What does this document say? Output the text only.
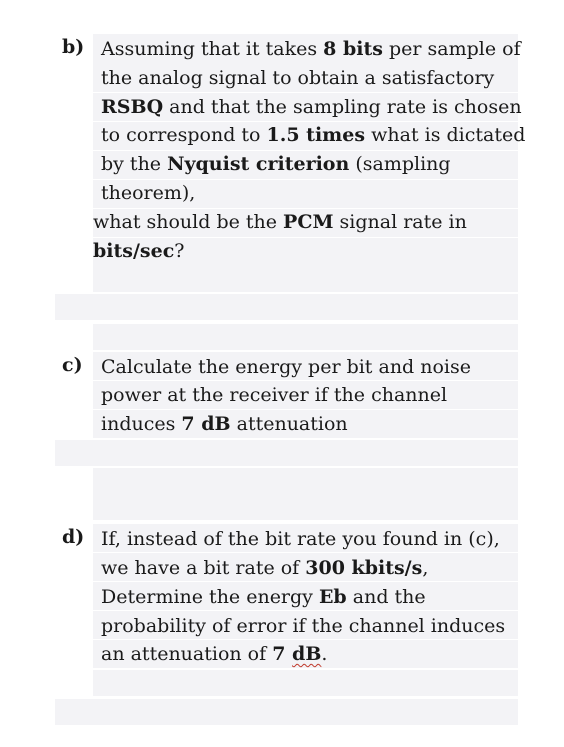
b) Assuming that it takes 8 bits per sample of
the analog signal to obtain a satisfactory
RSBQ and that the sampling rate is chosen
to correspond to 1.5 times what is dictated
by the Nyquist criterion (sampling
theorem),
what should be the PCM signal rate in
bits/sec?
c) Calculate the energy per bit and noise
power at the receiver if the channel
induces 7 dB attenuation
d) If, instead of the bit rate you found in (c),
we have a bit rate of 300 kbits/s,
Determine the energy Eb and the
probability of error if the channel induces
an attenuation of 7 dB.
